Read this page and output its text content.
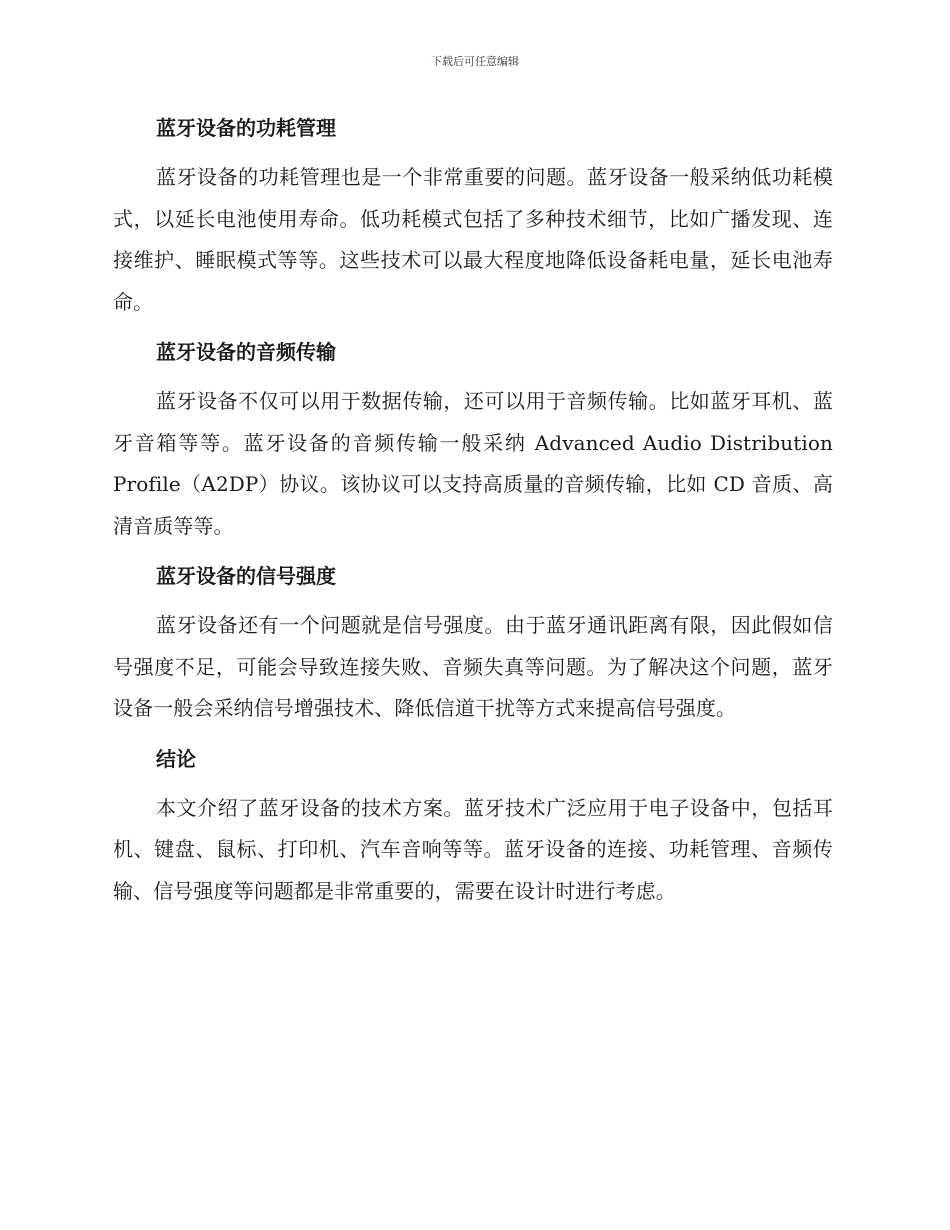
下载后可任意编辑
蓝牙设备的功耗管理

蓝牙设备的功耗管理也是一个非常重要的问题。蓝牙设备一般采纳低功耗模式，以延长电池使用寿命。低功耗模式包括了多种技术细节，比如广播发现、连接维护、睡眠模式等等。这些技术可以最大程度地降低设备耗电量，延长电池寿命。

蓝牙设备的音频传输

蓝牙设备不仅可以用于数据传输，还可以用于音频传输。比如蓝牙耳机、蓝牙音箱等等。蓝牙设备的音频传输一般采纳 Advanced Audio Distribution Profile（A2DP）协议。该协议可以支持高质量的音频传输，比如 CD 音质、高清音质等等。

蓝牙设备的信号强度

蓝牙设备还有一个问题就是信号强度。由于蓝牙通讯距离有限，因此假如信号强度不足，可能会导致连接失败、音频失真等问题。为了解决这个问题，蓝牙设备一般会采纳信号增强技术、降低信道干扰等方式来提高信号强度。

结论

本文介绍了蓝牙设备的技术方案。蓝牙技术广泛应用于电子设备中，包括耳机、键盘、鼠标、打印机、汽车音响等等。蓝牙设备的连接、功耗管理、音频传输、信号强度等问题都是非常重要的，需要在设计时进行考虑。
